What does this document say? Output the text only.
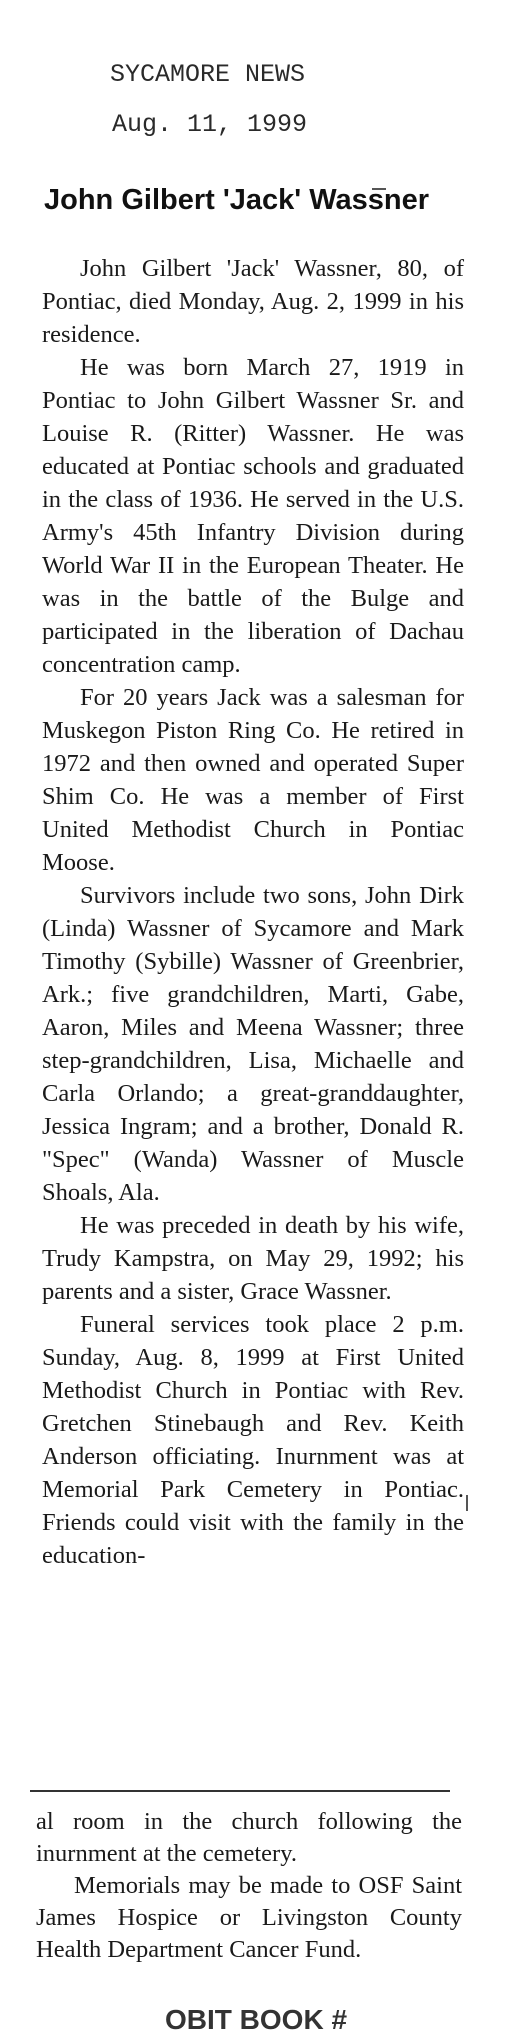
SYCAMORE NEWS
Aug. 11, 1999
John Gilbert 'Jack' Wassner

John Gilbert 'Jack' Wassner, 80, of Pontiac, died Monday, Aug. 2, 1999 in his residence.

He was born March 27, 1919 in Pontiac to John Gilbert Wassner Sr. and Louise R. (Ritter) Wassner. He was educated at Pontiac schools and graduated in the class of 1936. He served in the U.S. Army's 45th Infantry Division during World War II in the European Theater. He was in the battle of the Bulge and participated in the liberation of Dachau concentration camp.

For 20 years Jack was a salesman for Muskegon Piston Ring Co. He retired in 1972 and then owned and operated Super Shim Co. He was a member of First United Methodist Church in Pontiac Moose.

Survivors include two sons, John Dirk (Linda) Wassner of Sycamore and Mark Timothy (Sybille) Wassner of Greenbrier, Ark.; five grandchildren, Marti, Gabe, Aaron, Miles and Meena Wassner; three step-grandchildren, Lisa, Michaelle and Carla Orlando; a great-granddaughter, Jessica Ingram; and a brother, Donald R. "Spec" (Wanda) Wassner of Muscle Shoals, Ala.

He was preceded in death by his wife, Trudy Kampstra, on May 29, 1992; his parents and a sister, Grace Wassner.

Funeral services took place 2 p.m. Sunday, Aug. 8, 1999 at First United Methodist Church in Pontiac with Rev. Gretchen Stinebaugh and Rev. Keith Anderson officiating. Inurnment was at Memorial Park Cemetery in Pontiac. Friends could visit with the family in the education-

al room in the church following the inurnment at the cemetery.

Memorials may be made to OSF Saint James Hospice or Livingston County Health Department Cancer Fund.

OBIT BOOK #
